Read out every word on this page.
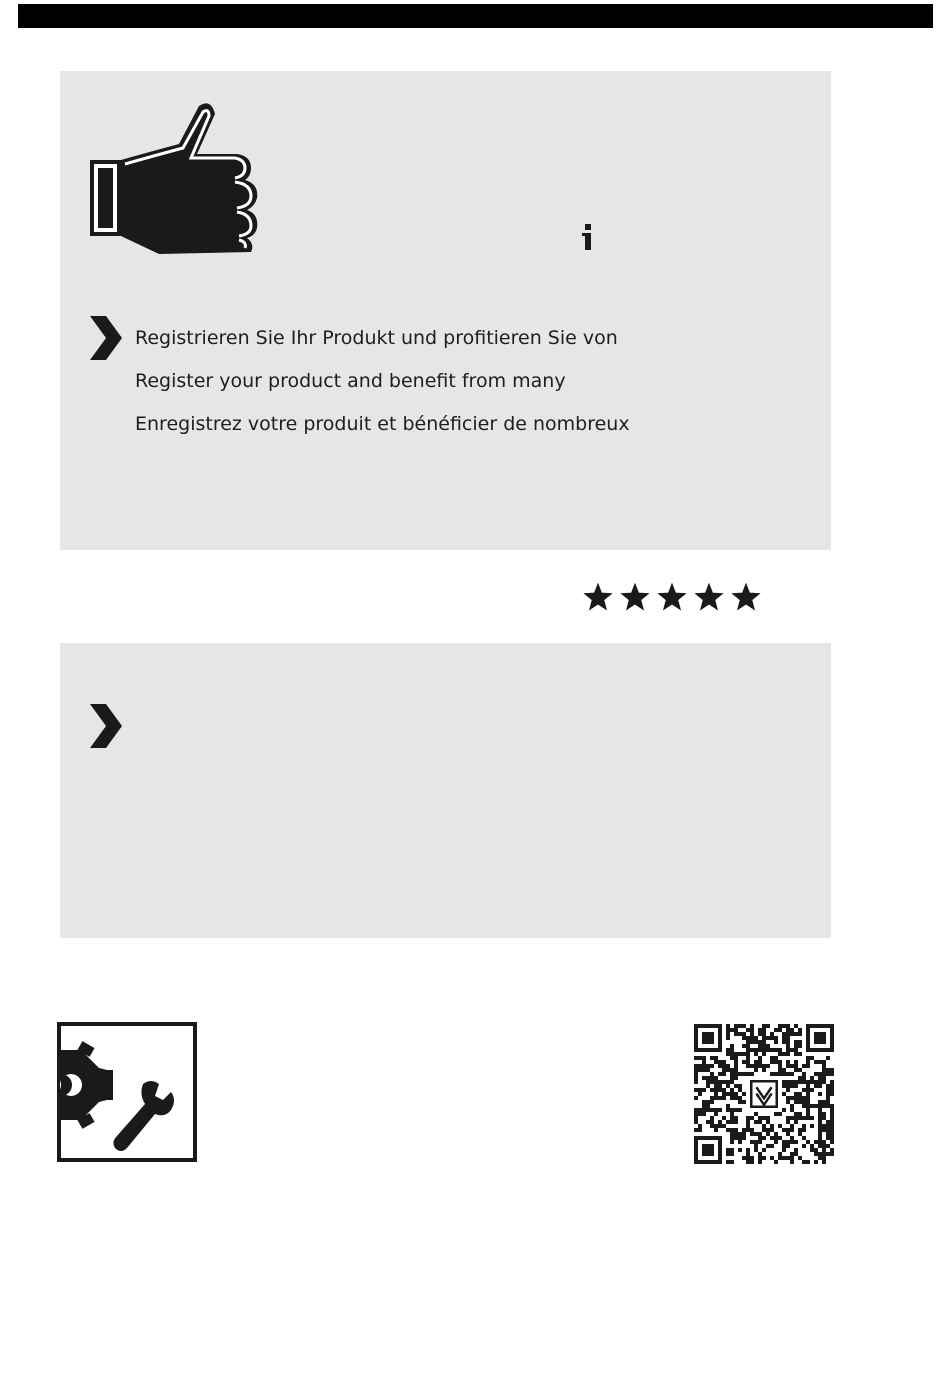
Registrieren Sie Ihr Produkt und profitieren Sie von
Register your product and benefit from many
Enregistrez votre produit et bénéficier de nombreux
